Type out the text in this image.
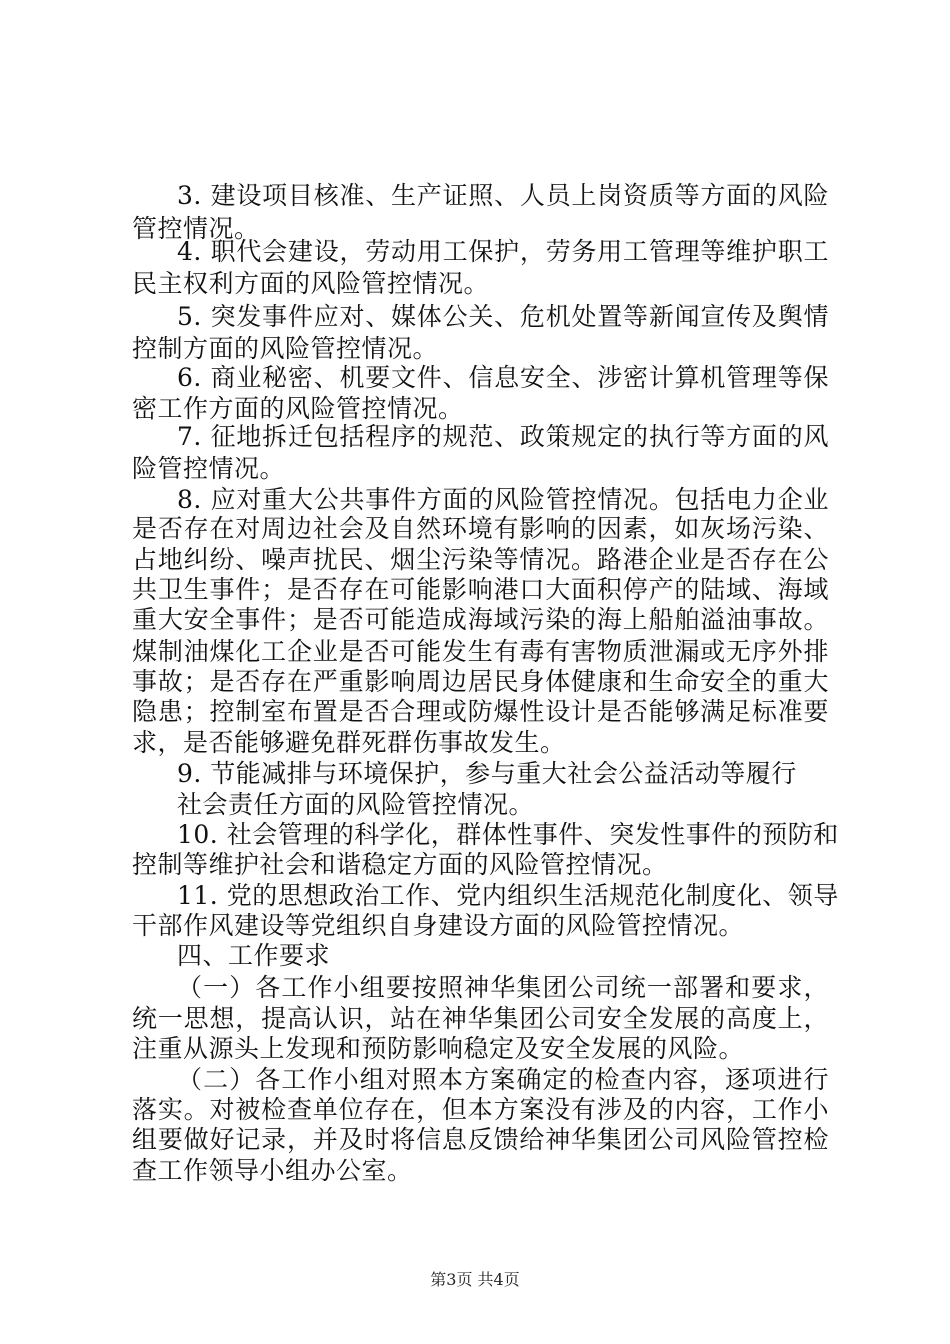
3. 建设项目核准、生产证照、人员上岗资质等方面的风险
管控情况。
4. 职代会建设，劳动用工保护，劳务用工管理等维护职工
民主权利方面的风险管控情况。
5. 突发事件应对、媒体公关、危机处置等新闻宣传及舆情
控制方面的风险管控情况。
6. 商业秘密、机要文件、信息安全、涉密计算机管理等保
密工作方面的风险管控情况。
7. 征地拆迁包括程序的规范、政策规定的执行等方面的风
险管控情况。
8. 应对重大公共事件方面的风险管控情况。包括电力企业
是否存在对周边社会及自然环境有影响的因素，如灰场污染、
占地纠纷、噪声扰民、烟尘污染等情况。路港企业是否存在公
共卫生事件；是否存在可能影响港口大面积停产的陆域、海域
重大安全事件；是否可能造成海域污染的海上船舶溢油事故。
煤制油煤化工企业是否可能发生有毒有害物质泄漏或无序外排
事故；是否存在严重影响周边居民身体健康和生命安全的重大
隐患；控制室布置是否合理或防爆性设计是否能够满足标准要
求，是否能够避免群死群伤事故发生。
9. 节能减排与环境保护，参与重大社会公益活动等履行
社会责任方面的风险管控情况。
10. 社会管理的科学化，群体性事件、突发性事件的预防和
控制等维护社会和谐稳定方面的风险管控情况。
11. 党的思想政治工作、党内组织生活规范化制度化、领导
干部作风建设等党组织自身建设方面的风险管控情况。
四、工作要求
（一）各工作小组要按照神华集团公司统一部署和要求，
统一思想，提高认识，站在神华集团公司安全发展的高度上，
注重从源头上发现和预防影响稳定及安全发展的风险。
（二）各工作小组对照本方案确定的检查内容，逐项进行
落实。对被检查单位存在，但本方案没有涉及的内容，工作小
组要做好记录，并及时将信息反馈给神华集团公司风险管控检
查工作领导小组办公室。
第3页 共4页
